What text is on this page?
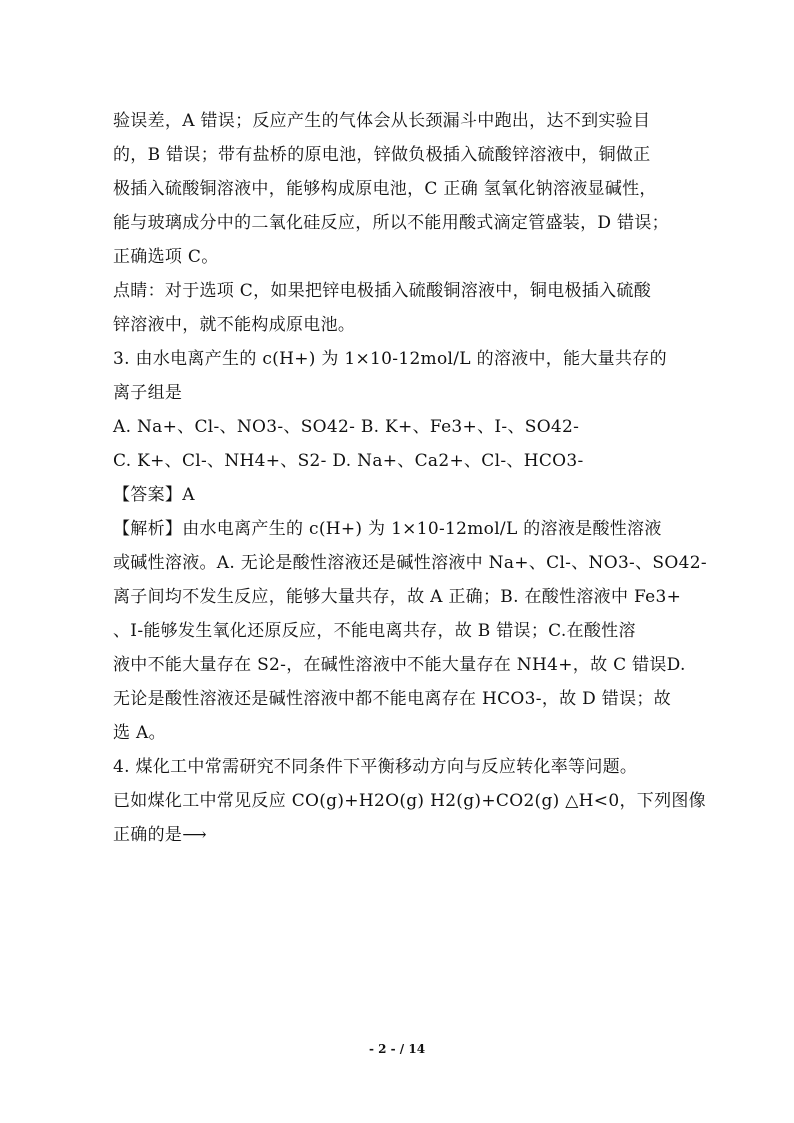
验误差，A 错误；反应产生的气体会从长颈漏斗中跑出，达不到实验目
的，B 错误；带有盐桥的原电池，锌做负极插入硫酸锌溶液中，铜做正
极插入硫酸铜溶液中，能够构成原电池，C 正确 氢氧化钠溶液显碱性，
能与玻璃成分中的二氧化硅反应，所以不能用酸式滴定管盛装，D 错误；
正确选项 C。
点睛：对于选项 C，如果把锌电极插入硫酸铜溶液中，铜电极插入硫酸
锌溶液中，就不能构成原电池。
3. 由水电离产生的 c(H+) 为 1×10-12mol/L 的溶液中，能大量共存的
离子组是
A. Na+、Cl-、NO3-、SO42- B. K+、Fe3+、I-、SO42-
C. K+、Cl-、NH4+、S2- D. Na+、Ca2+、Cl-、HCO3-
【答案】A
【解析】由水电离产生的 c(H+) 为 1×10-12mol/L 的溶液是酸性溶液
或碱性溶液。A. 无论是酸性溶液还是碱性溶液中 Na+、Cl-、NO3-、SO42-
离子间均不发生反应，能够大量共存，故 A 正确；B. 在酸性溶液中 Fe3+
、I-能够发生氧化还原反应，不能电离共存，故 B 错误；C.在酸性溶
液中不能大量存在 S2-，在碱性溶液中不能大量存在 NH4+，故 C 错误D.
无论是酸性溶液还是碱性溶液中都不能电离存在 HCO3-，故 D 错误；故
选 A。
4. 煤化工中常需研究不同条件下平衡移动方向与反应转化率等问题。
已如煤化工中常见反应 CO(g)+H2O(g) H2(g)+CO2(g) △H<0，下列图像
正确的是⟶
- 2 - / 14
